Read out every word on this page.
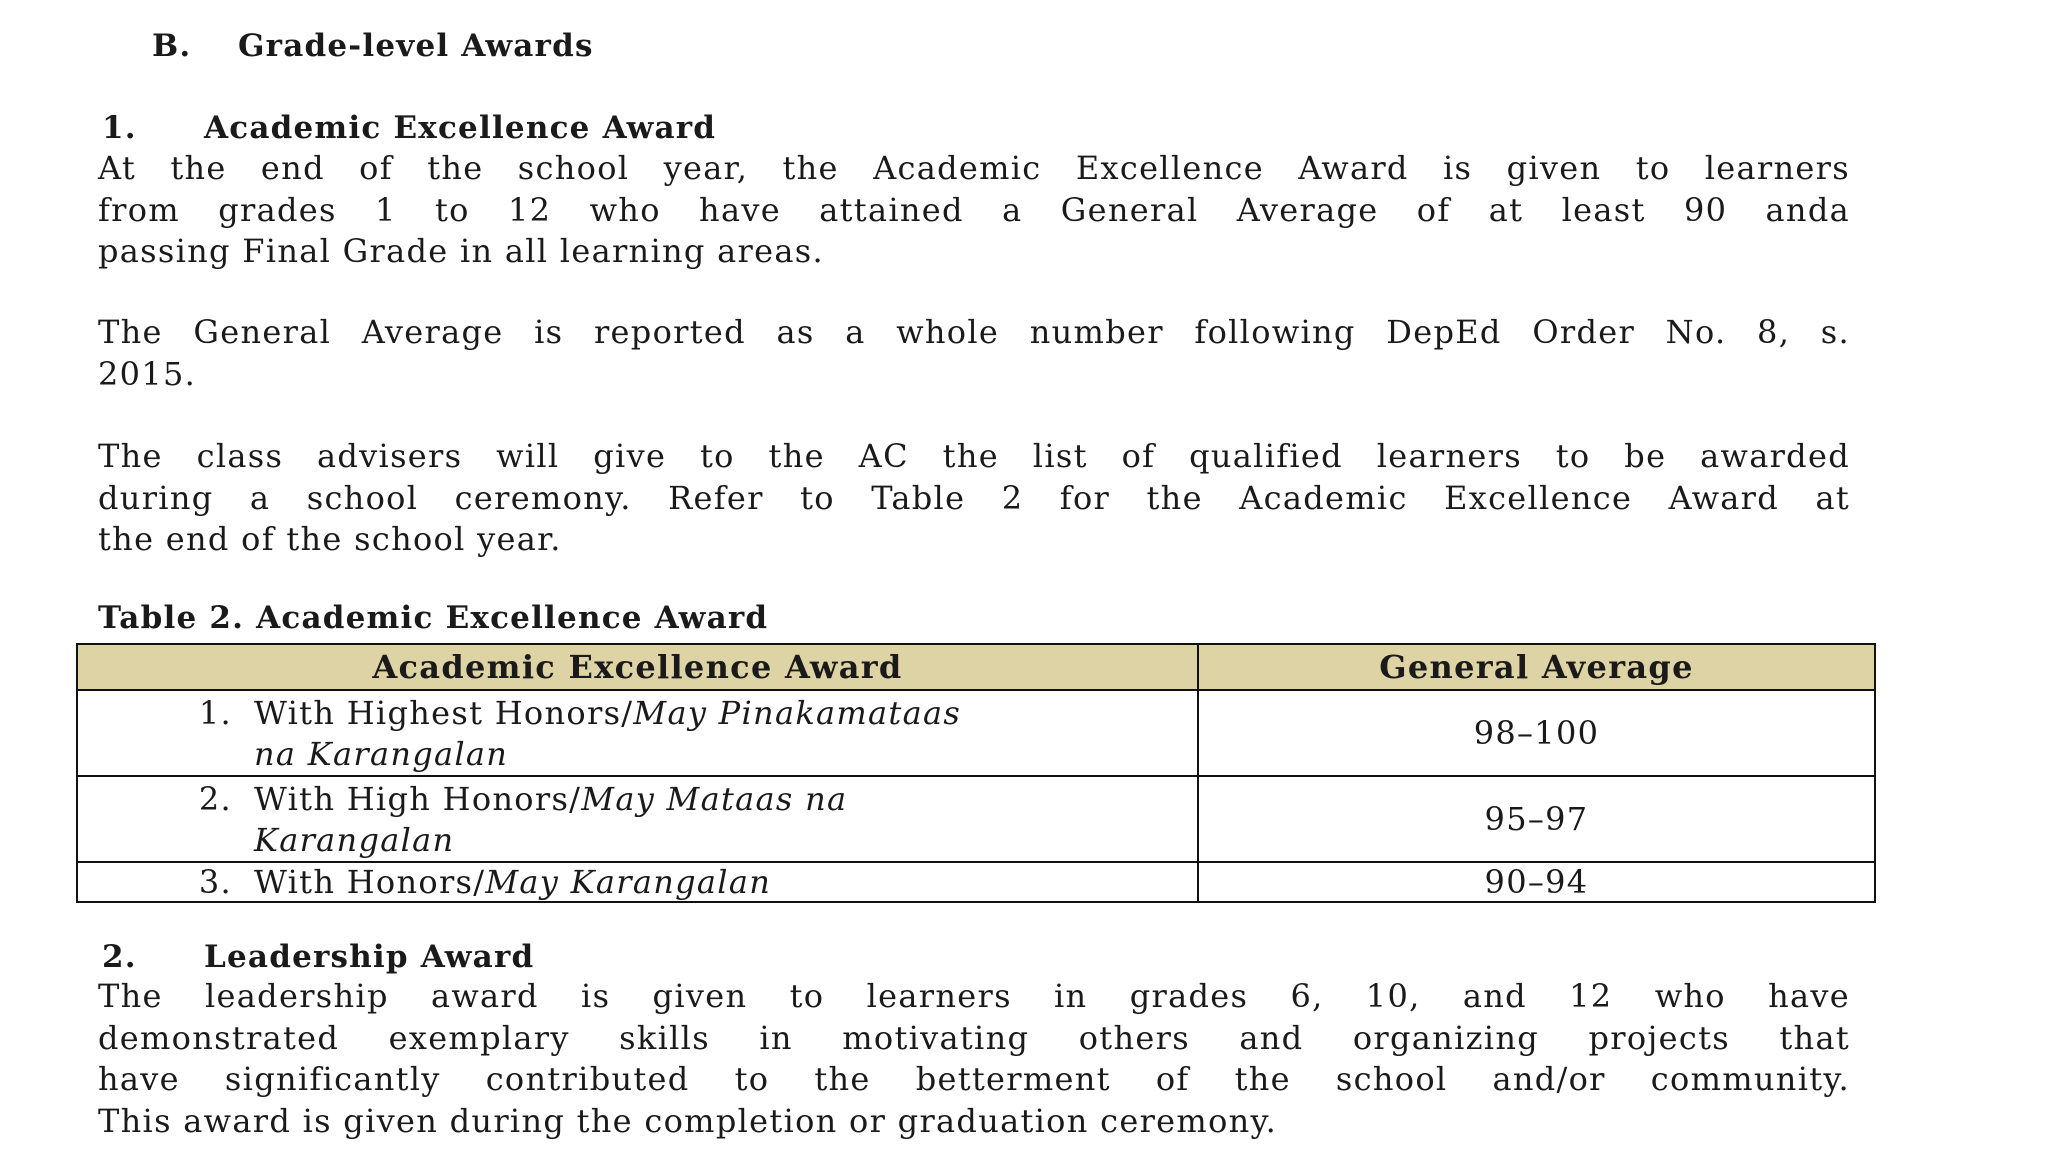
B. Grade-level Awards
1. Academic Excellence Award
At the end of the school year, the Academic Excellence Award is given to learners
from grades 1 to 12 who have attained a General Average of at least 90 anda
passing Final Grade in all learning areas.
The General Average is reported as a whole number following DepEd Order No. 8, s.
2015.
The class advisers will give to the AC the list of qualified learners to be awarded
during a school ceremony. Refer to Table 2 for the Academic Excellence Award at
the end of the school year.
Table 2. Academic Excellence Award
Academic Excellence Award	General Average

1. With Highest Honors/May Pinakamataas
na Karangalan	98–100

2. With High Honors/May Mataas na
Karangalan	95–97

3. With Honors/May Karangalan	90–94
2. Leadership Award
The leadership award is given to learners in grades 6, 10, and 12 who have
demonstrated exemplary skills in motivating others and organizing projects that
have significantly contributed to the betterment of the school and/or community.
This award is given during the completion or graduation ceremony.
